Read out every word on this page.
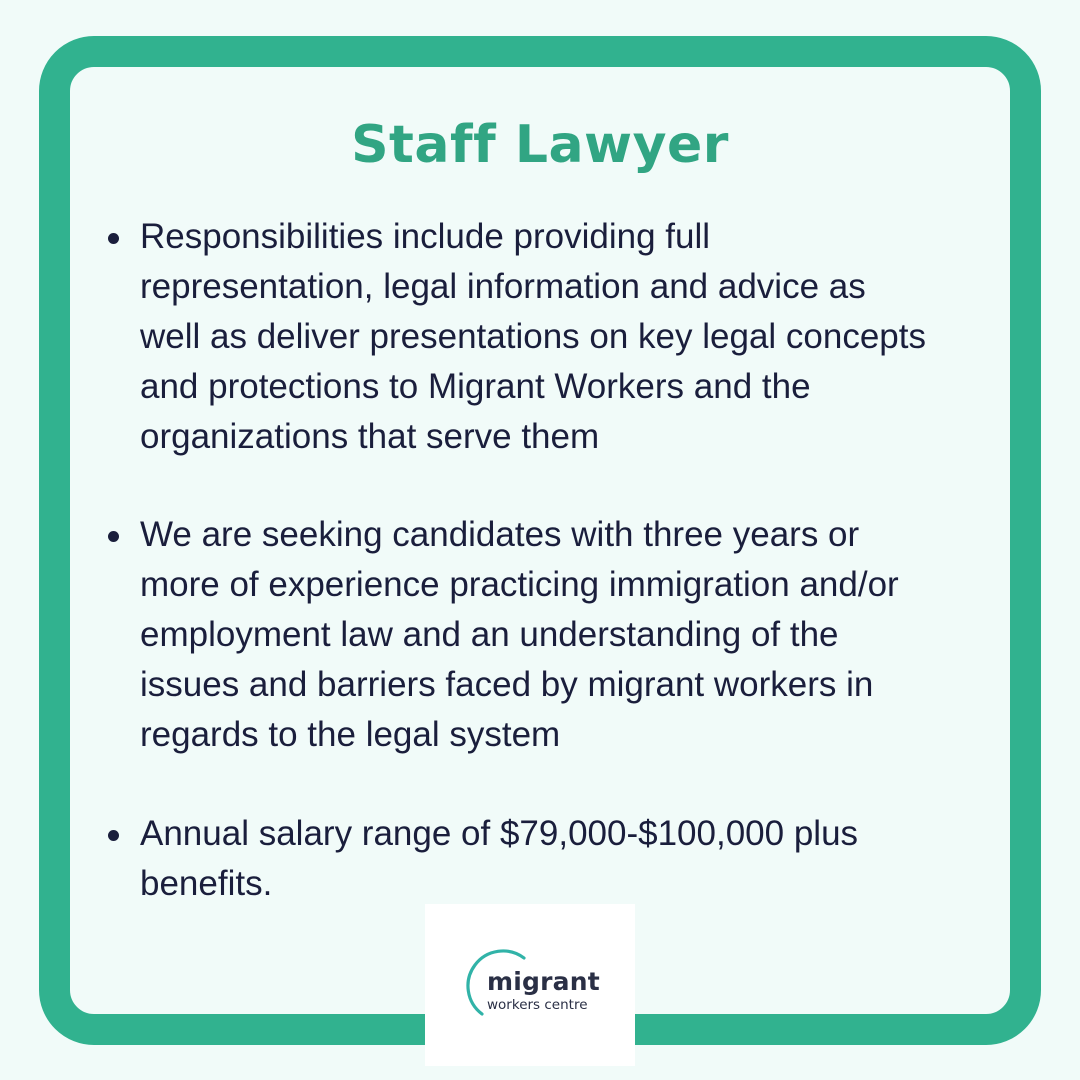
Staff Lawyer
Responsibilities include providing full
representation, legal information and advice as
well as deliver presentations on key legal concepts
and protections to Migrant Workers and the
organizations that serve them
We are seeking candidates with three years or
more of experience practicing immigration and/or
employment law and an understanding of the
issues and barriers faced by migrant workers in
regards to the legal system
Annual salary range of $79,000-$100,000 plus
benefits.
migrant
workers centre
